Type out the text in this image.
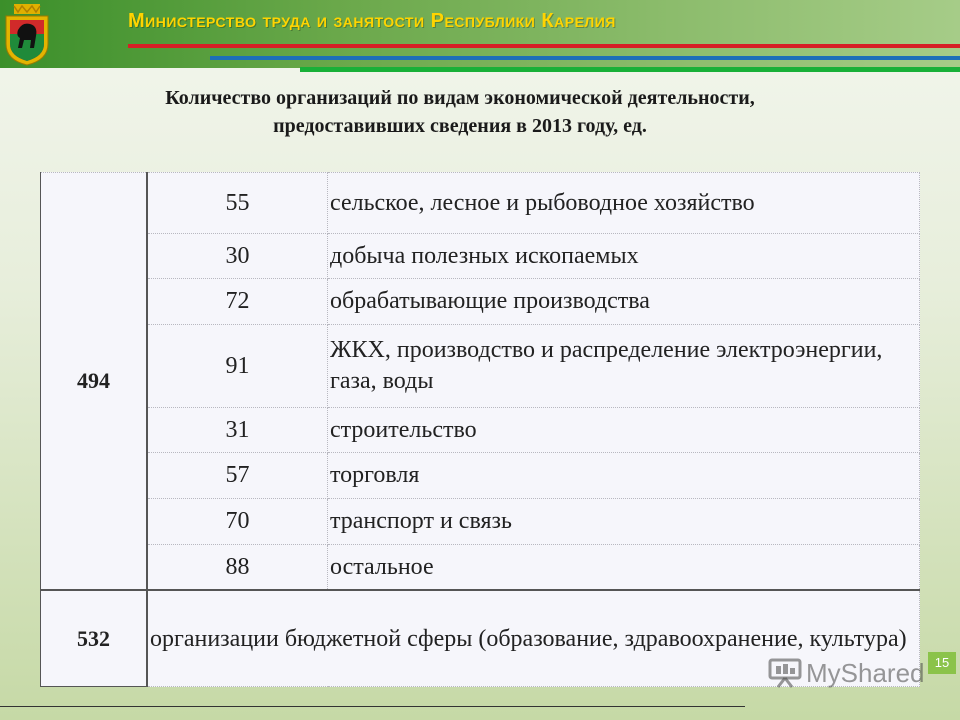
Министерство труда и занятости Республики Карелия
Количество организаций по видам экономической деятельности,
предоставивших сведения в 2013 году, ед.
494	55	сельское, лесное и рыбоводное хозяйство
	30	добыча полезных ископаемых
	72	обрабатывающие производства
	91	ЖКХ, производство и распределение электроэнергии, газа, воды
	31	строительство
	57	торговля
	70	транспорт и связь
	88	остальное
532	организации бюджетной сферы (образование, здравоохранение, культура)	
MyShared 15
